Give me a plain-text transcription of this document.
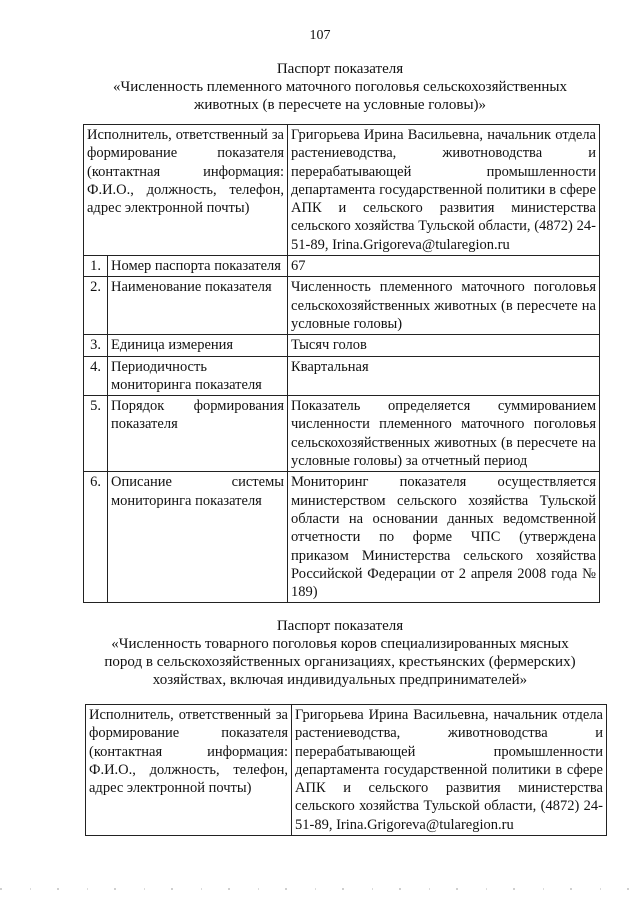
107
Паспорт показателя
«Численность племенного маточного поголовья сельскохозяйственных
животных (в пересчете на условные головы)»
Исполнитель, ответственный за формирование показателя (контактная информация: Ф.И.О., должность, телефон, адрес электронной почты)		Григорьева Ирина Васильевна, начальник отдела растениеводства, животноводства и перерабатывающей промышленности департамента государственной политики в сфере АПК и сельского развития министерства сельского хозяйства Тульской области, (4872) 24-51-89, Irina.Grigoreva@tularegion.ru
1.	Номер паспорта показателя	67
2.	Наименование показателя	Численность племенного маточного поголовья сельскохозяйственных животных (в пересчете на условные головы)
3.	Единица измерения	Тысяч голов
4.	Периодичность мониторинга показателя	Квартальная
5.	Порядок формирования показателя	Показатель определяется суммированием численности племенного маточного поголовья сельскохозяйственных животных (в пересчете на условные головы) за отчетный период
6.	Описание системы мониторинга показателя	Мониторинг показателя осуществляется министерством сельского хозяйства Тульской области на основании данных ведомственной отчетности по форме ЧПС (утверждена приказом Министерства сельского хозяйства Российской Федерации от 2 апреля 2008 года № 189)
Паспорт показателя
«Численность товарного поголовья коров специализированных мясных
пород в сельскохозяйственных организациях, крестьянских (фермерских)
хозяйствах, включая индивидуальных предпринимателей»
Исполнитель, ответственный за формирование показателя (контактная информация: Ф.И.О., должность, телефон, адрес электронной почты)	Григорьева Ирина Васильевна, начальник отдела растениеводства, животноводства и перерабатывающей промышленности департамента государственной политики в сфере АПК и сельского развития министерства сельского хозяйства Тульской области, (4872) 24-51-89, Irina.Grigoreva@tularegion.ru
